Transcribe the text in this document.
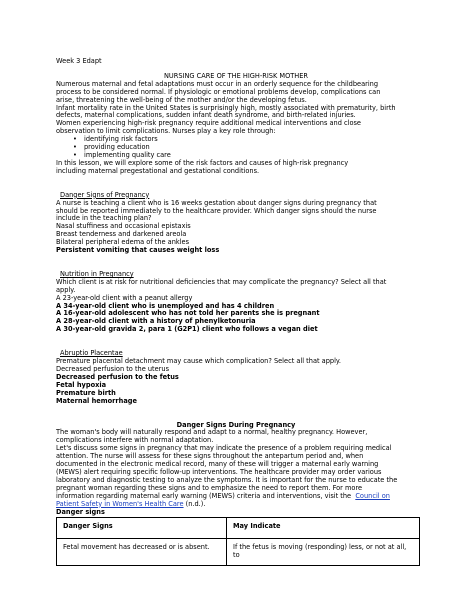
Week 3 Edapt

NURSING CARE OF THE HIGH-RISK MOTHER

Numerous maternal and fetal adaptations must occur in an orderly sequence for the childbearing

process to be considered normal. If physiologic or emotional problems develop, complications can

arise, threatening the well-being of the mother and/or the developing fetus.

Infant mortality rate in the United States is surprisingly high, mostly associated with prematurity, birth

defects, maternal complications, sudden infant death syndrome, and birth-related injuries.

Women experiencing high-risk pregnancy require additional medical interventions and close

observation to limit complications. Nurses play a key role through:

• identifying risk factors
• providing education
• implementing quality care

In this lesson, we will explore some of the risk factors and causes of high-risk pregnancy

including maternal pregestational and gestational conditions.

Danger Signs of Pregnancy

A nurse is teaching a client who is 16 weeks gestation about danger signs during pregnancy that

should be reported immediately to the healthcare provider. Which danger signs should the nurse

include in the teaching plan?

Nasal stuffiness and occasional epistaxis

Breast tenderness and darkened areola

Bilateral peripheral edema of the ankles

Persistent vomiting that causes weight loss

Nutrition in Pregnancy

Which client is at risk for nutritional deficiencies that may complicate the pregnancy? Select all that

apply.

A 23-year-old client with a peanut allergy

A 34-year-old client who is unemployed and has 4 children

A 16-year-old adolescent who has not told her parents she is pregnant

A 28-year-old client with a history of phenylketonuria

A 30-year-old gravida 2, para 1 (G2P1) client who follows a vegan diet

Abruptio Placentae

Premature placental detachment may cause which complication? Select all that apply.

Decreased perfusion to the uterus

Decreased perfusion to the fetus

Fetal hypoxia

Premature birth

Maternal hemorrhage

Danger Signs During Pregnancy

The woman's body will naturally respond and adapt to a normal, healthy pregnancy. However,

complications interfere with normal adaptation.

Let's discuss some signs in pregnancy that may indicate the presence of a problem requiring medical

attention. The nurse will assess for these signs throughout the antepartum period and, when

documented in the electronic medical record, many of these will trigger a maternal early warning

(MEWS) alert requiring specific follow-up interventions. The healthcare provider may order various

laboratory and diagnostic testing to analyze the symptoms. It is important for the nurse to educate the

pregnant woman regarding these signs and to emphasize the need to report them. For more

information regarding maternal early warning (MEWS) criteria and interventions, visit the Council on

Patient Safety in Women's Health Care (n.d.).

Danger signs

Danger Signs	May Indicate
Fetal movement has decreased or is absent.	If the fetus is moving (responding) less, or not at all, to
